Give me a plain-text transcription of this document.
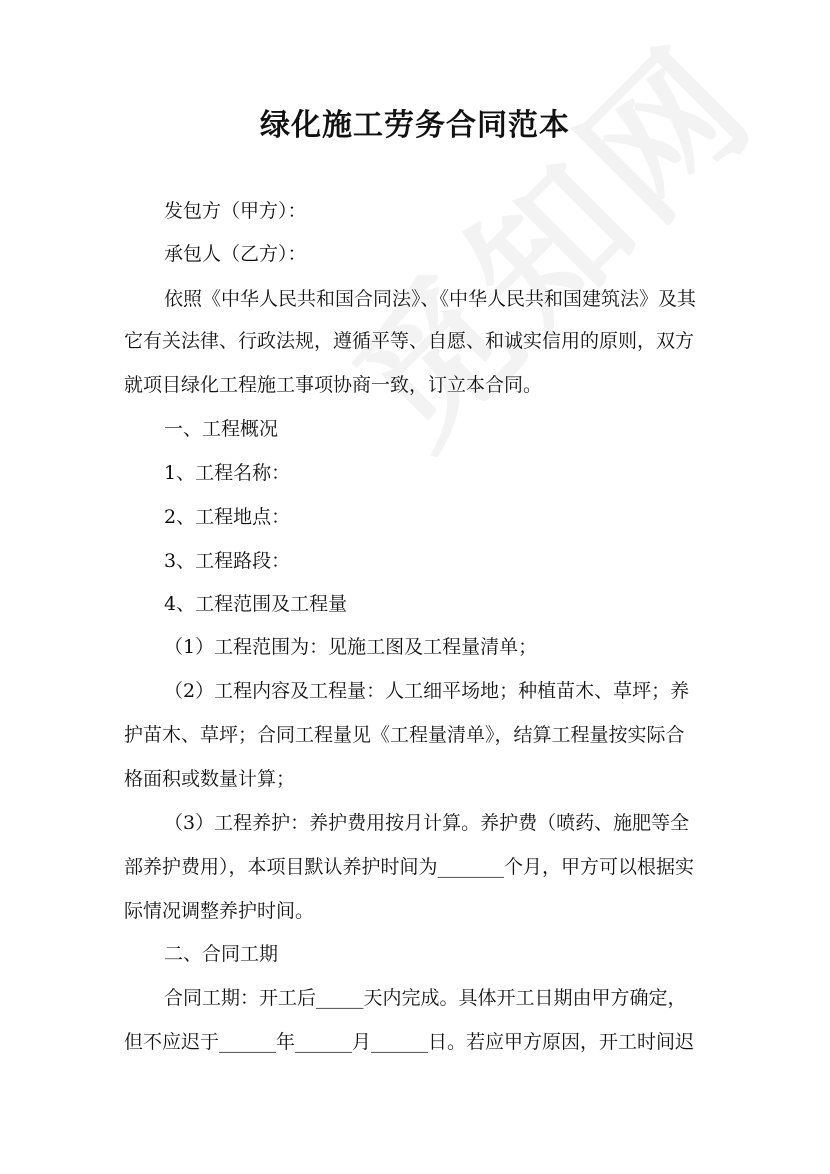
绿化施工劳务合同范本
发包方（甲方）：
承包人（乙方）：
依照《中华人民共和国合同法》、《中华人民共和国建筑法》及其
它有关法律、行政法规，遵循平等、自愿、和诚实信用的原则，双方
就项目绿化工程施工事项协商一致，订立本合同。
一、工程概况
1、工程名称：
2、工程地点：
3、工程路段：
4、工程范围及工程量
（1）工程范围为：见施工图及工程量清单；
（2）工程内容及工程量：人工细平场地；种植苗木、草坪；养
护苗木、草坪；合同工程量见《工程量清单》，结算工程量按实际合
格面积或数量计算；
（3）工程养护：养护费用按月计算。养护费（喷药、施肥等全
部养护费用），本项目默认养护时间为_______个月，甲方可以根据实
际情况调整养护时间。
二、合同工期
合同工期：开工后_____天内完成。具体开工日期由甲方确定，
但不应迟于______年______月______日。若应甲方原因，开工时间迟
